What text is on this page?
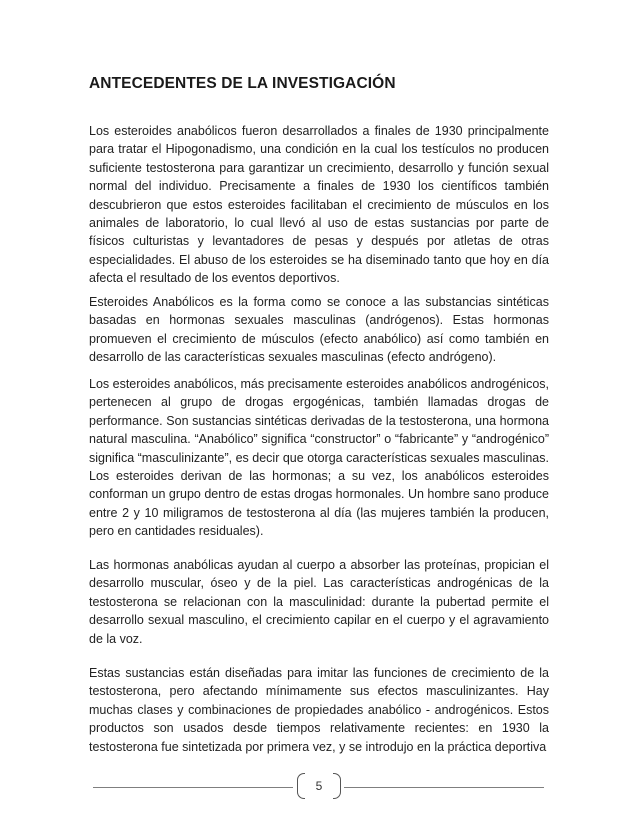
ANTECEDENTES DE LA INVESTIGACIÓN

Los esteroides anabólicos fueron desarrollados a finales de 1930 principalmente para tratar el Hipogonadismo, una condición en la cual los testículos no producen suficiente testosterona para garantizar un crecimiento, desarrollo y función sexual normal del individuo. Precisamente a finales de 1930 los científicos también descubrieron que estos esteroides facilitaban el crecimiento de músculos en los animales de laboratorio, lo cual llevó al uso de estas sustancias por parte de físicos culturistas y levantadores de pesas y después por atletas de otras especialidades. El abuso de los esteroides se ha diseminado tanto que hoy en día afecta el resultado de los eventos deportivos.

Esteroides Anabólicos es la forma como se conoce a las substancias sintéticas basadas en hormonas sexuales masculinas (andrógenos). Estas hormonas promueven el crecimiento de músculos (efecto anabólico) así como también en desarrollo de las características sexuales masculinas (efecto andrógeno).

Los esteroides anabólicos, más precisamente esteroides anabólicos androgénicos, pertenecen al grupo de drogas ergogénicas, también llamadas drogas de performance. Son sustancias sintéticas derivadas de la testosterona, una hormona natural masculina. “Anabólico” significa “constructor” o “fabricante” y “androgénico” significa “masculinizante”, es decir que otorga características sexuales masculinas. Los esteroides derivan de las hormonas; a su vez, los anabólicos esteroides conforman un grupo dentro de estas drogas hormonales. Un hombre sano produce entre 2 y 10 miligramos de testosterona al día (las mujeres también la producen, pero en cantidades residuales).

Las hormonas anabólicas ayudan al cuerpo a absorber las proteínas, propician el desarrollo muscular, óseo y de la piel. Las características androgénicas de la testosterona se relacionan con la masculinidad: durante la pubertad permite el desarrollo sexual masculino, el crecimiento capilar en el cuerpo y el agravamiento de la voz.

Estas sustancias están diseñadas para imitar las funciones de crecimiento de la testosterona, pero afectando mínimamente sus efectos masculinizantes. Hay muchas clases y combinaciones de propiedades anabólico - androgénicos. Estos productos son usados desde tiempos relativamente recientes: en 1930 la testosterona fue sintetizada por primera vez, y se introdujo en la práctica deportiva

5
